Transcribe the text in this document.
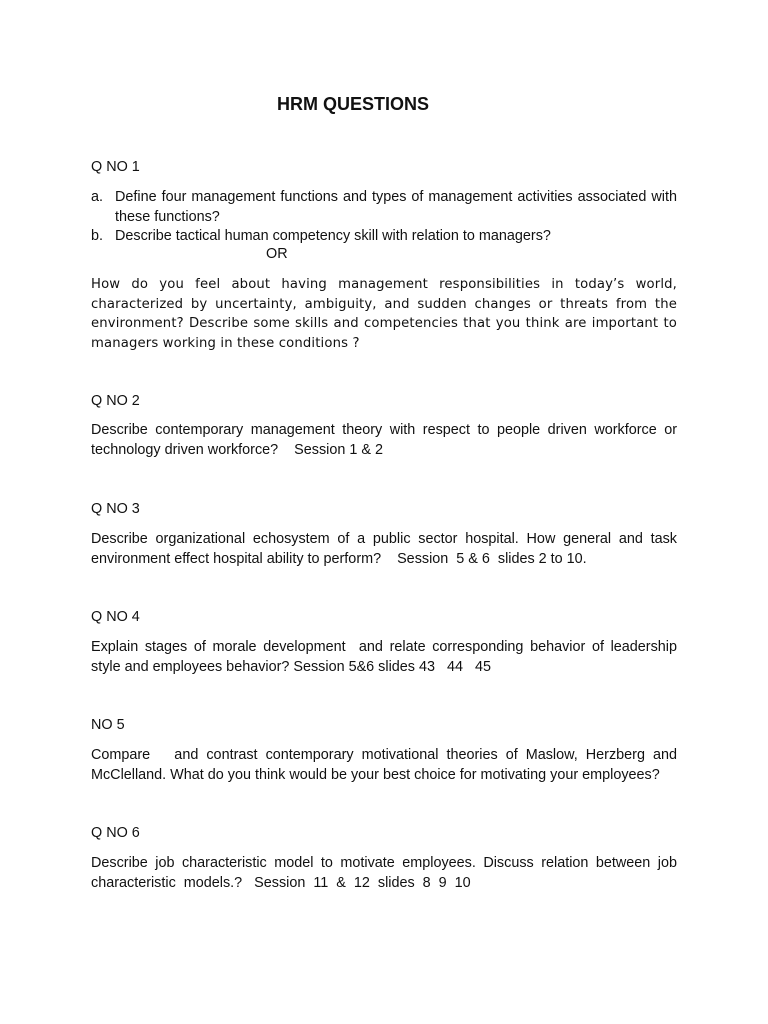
HRM QUESTIONS
Q NO 1
a. Define four management functions and types of management activities associated with these functions?
b. Describe tactical human competency skill with relation to managers?
OR
How do you feel about having management responsibilities in today’s world, characterized by uncertainty, ambiguity, and sudden changes or threats from the environment? Describe some skills and competencies that you think are important to managers working in these conditions ?
Q NO 2
Describe contemporary management theory with respect to people driven workforce or technology driven workforce?    Session 1 & 2
Q NO 3
Describe organizational echosystem of a public sector hospital. How general and task environment effect hospital ability to perform?    Session  5 & 6  slides 2 to 10.
Q NO 4
Explain stages of morale development  and relate corresponding behavior of leadership style and employees behavior? Session 5&6 slides 43   44   45
NO 5
Compare   and contrast contemporary motivational theories of Maslow, Herzberg and McClelland. What do you think would be your best choice for motivating your employees?
Q NO 6
Describe job characteristic model to motivate employees. Discuss relation between job characteristic  models.?   Session  11  &  12  slides  8  9  10
